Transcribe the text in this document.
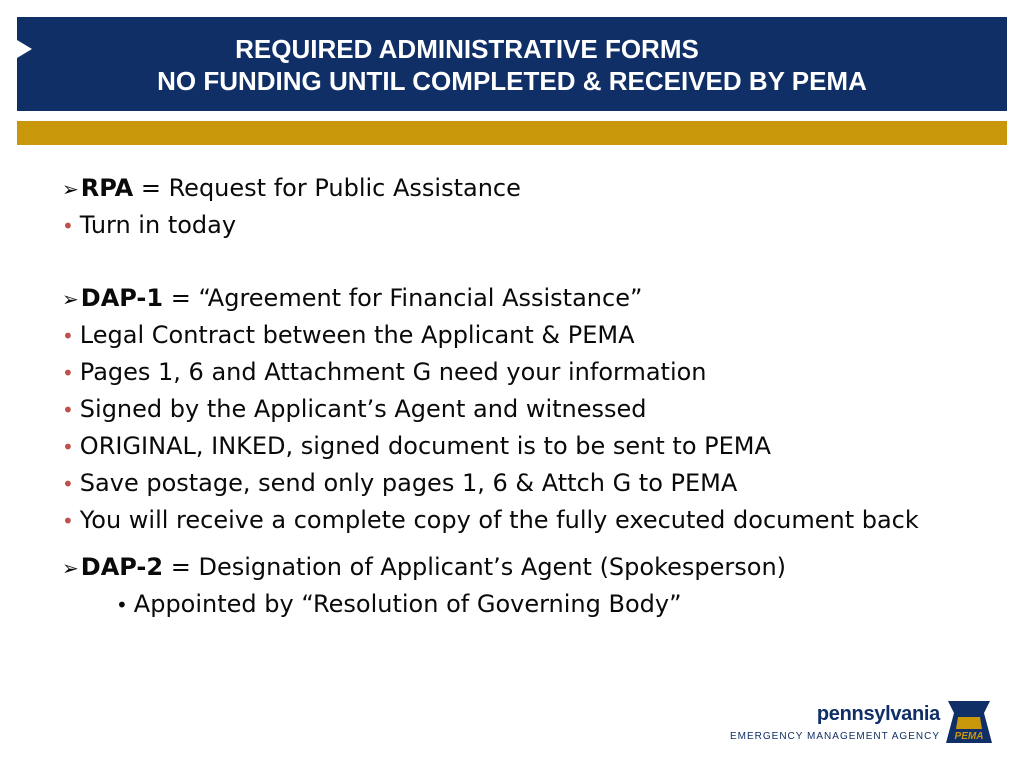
REQUIRED ADMINISTRATIVE FORMS
NO FUNDING UNTIL COMPLETED & RECEIVED BY PEMA
➢RPA = Request for Public Assistance
• Turn in today
➢DAP-1 = “Agreement for Financial Assistance”
• Legal Contract between the Applicant & PEMA
• Pages 1, 6 and Attachment G need your information
• Signed by the Applicant’s Agent and witnessed
• ORIGINAL, INKED, signed document is to be sent to PEMA
• Save postage, send only pages 1, 6 & Attch G to PEMA
• You will receive a complete copy of the fully executed document back
➢DAP-2 = Designation of Applicant’s Agent (Spokesperson)
• Appointed by “Resolution of Governing Body”
pennsylvania
EMERGENCY MANAGEMENT AGENCY PEMA
